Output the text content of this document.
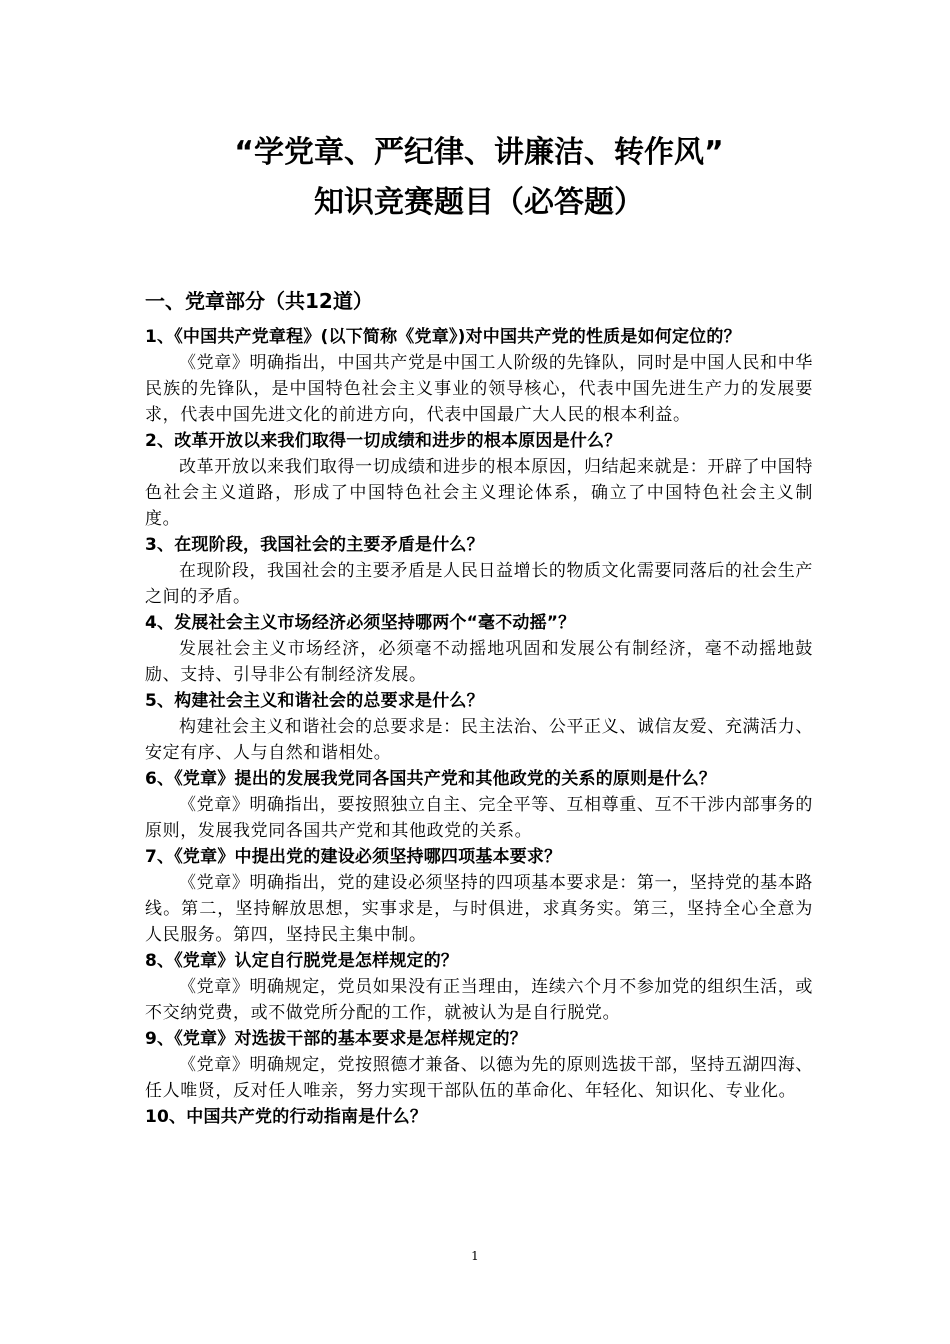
“学党章、严纪律、讲廉洁、转作风”
知识竞赛题目（必答题）
一、党章部分（共12道）

1、《中国共产党章程》(以下简称《党章》)对中国共产党的性质是如何定位的？

《党章》明确指出，中国共产党是中国工人阶级的先锋队，同时是中国人民和中华民族的先锋队，是中国特色社会主义事业的领导核心，代表中国先进生产力的发展要求，代表中国先进文化的前进方向，代表中国最广大人民的根本利益。

2、改革开放以来我们取得一切成绩和进步的根本原因是什么？

改革开放以来我们取得一切成绩和进步的根本原因，归结起来就是：开辟了中国特色社会主义道路，形成了中国特色社会主义理论体系，确立了中国特色社会主义制度。

3、在现阶段，我国社会的主要矛盾是什么？

在现阶段，我国社会的主要矛盾是人民日益增长的物质文化需要同落后的社会生产之间的矛盾。

4、发展社会主义市场经济必须坚持哪两个“毫不动摇”？

发展社会主义市场经济，必须毫不动摇地巩固和发展公有制经济，毫不动摇地鼓励、支持、引导非公有制经济发展。

5、构建社会主义和谐社会的总要求是什么？

构建社会主义和谐社会的总要求是：民主法治、公平正义、诚信友爱、充满活力、安定有序、人与自然和谐相处。

6、《党章》提出的发展我党同各国共产党和其他政党的关系的原则是什么？

《党章》明确指出，要按照独立自主、完全平等、互相尊重、互不干涉内部事务的原则，发展我党同各国共产党和其他政党的关系。

7、《党章》中提出党的建设必须坚持哪四项基本要求？

《党章》明确指出，党的建设必须坚持的四项基本要求是：第一，坚持党的基本路线。第二，坚持解放思想，实事求是，与时俱进，求真务实。第三，坚持全心全意为人民服务。第四，坚持民主集中制。

8、《党章》认定自行脱党是怎样规定的？

《党章》明确规定，党员如果没有正当理由，连续六个月不参加党的组织生活，或不交纳党费，或不做党所分配的工作，就被认为是自行脱党。

9、《党章》对选拔干部的基本要求是怎样规定的？

《党章》明确规定，党按照德才兼备、以德为先的原则选拔干部，坚持五湖四海、任人唯贤，反对任人唯亲，努力实现干部队伍的革命化、年轻化、知识化、专业化。

10、中国共产党的行动指南是什么？

1
